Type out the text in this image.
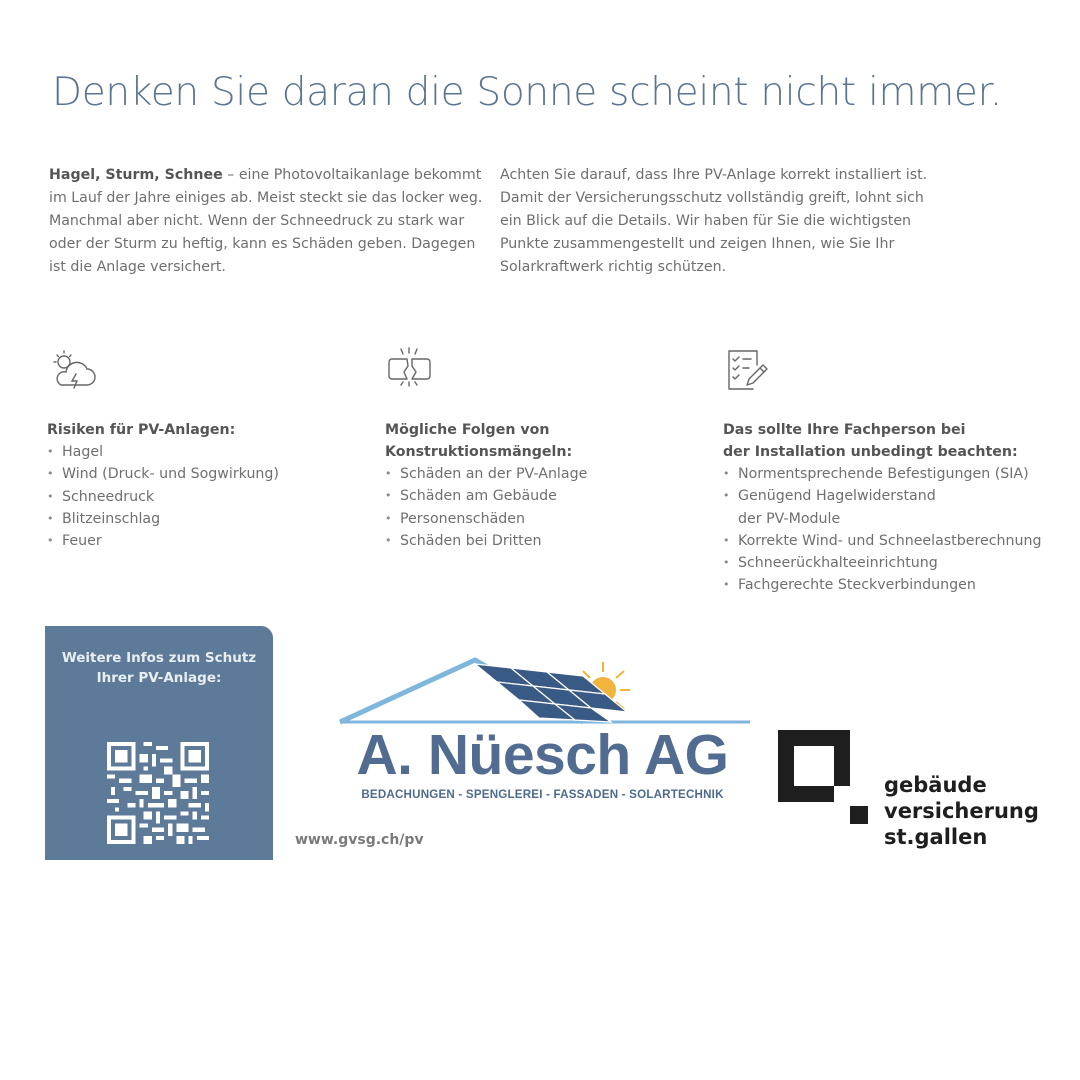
Denken Sie daran die Sonne scheint nicht immer.
Hagel, Sturm, Schnee – eine Photovoltaikanlage bekommt im Lauf der Jahre einiges ab. Meist steckt sie das locker weg. Manchmal aber nicht. Wenn der Schneedruck zu stark war oder der Sturm zu heftig, kann es Schäden geben. Dagegen ist die Anlage versichert.
Achten Sie darauf, dass Ihre PV-Anlage korrekt installiert ist. Damit der Versicherungsschutz vollständig greift, lohnt sich ein Blick auf die Details. Wir haben für Sie die wichtigsten Punkte zusammengestellt und zeigen Ihnen, wie Sie Ihr Solarkraftwerk richtig schützen.
Risiken für PV-Anlagen:
• Hagel
• Wind (Druck- und Sogwirkung)
• Schneedruck
• Blitzeinschlag
• Feuer
Mögliche Folgen von
Konstruktionsmängeln:
• Schäden an der PV-Anlage
• Schäden am Gebäude
• Personenschäden
• Schäden bei Dritten
Das sollte Ihre Fachperson bei
der Installation unbedingt beachten:
• Normentsprechende Befestigungen (SIA)
• Genügend Hagelwiderstand
der PV-Module
• Korrekte Wind- und Schneelastberechnung
• Schneerückhalteeinrichtung
• Fachgerechte Steckverbindungen
Weitere Infos zum Schutz
Ihrer PV-Anlage:
www.gvsg.ch/pv
A. Nüesch AG
BEDACHUNGEN - SPENGLEREI - FASSADEN - SOLARTECHNIK	gebäude
versicherung
st.gallen
